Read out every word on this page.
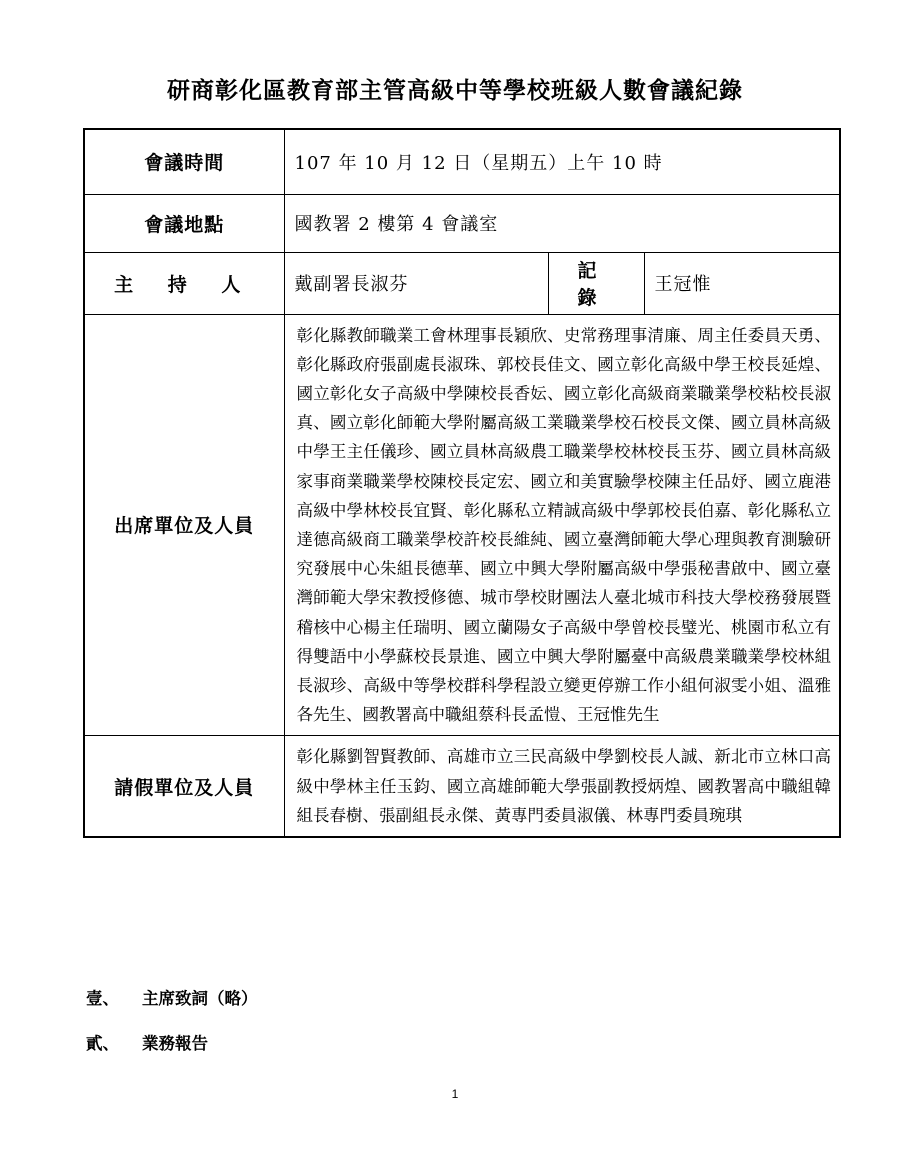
研商彰化區教育部主管高級中等學校班級人數會議紀錄
會議時間	107 年 10 月 12 日（星期五）上午 10 時		
會議地點	國教署 2 樓第 4 會議室		
主 持 人	戴副署長淑芬	記 錄	王冠惟
出席單位及人員	彰化縣教師職業工會林理事長穎欣、史常務理事清廉、周主任委員天勇、彰化縣政府張副處長淑珠、郭校長佳文、國立彰化高級中學王校長延煌、國立彰化女子高級中學陳校長香妘、國立彰化高級商業職業學校粘校長淑真、國立彰化師範大學附屬高級工業職業學校石校長文傑、國立員林高級中學王主任儀珍、國立員林高級農工職業學校林校長玉芬、國立員林高級家事商業職業學校陳校長定宏、國立和美實驗學校陳主任品妤、國立鹿港高級中學林校長宜賢、彰化縣私立精誠高級中學郭校長伯嘉、彰化縣私立達德高級商工職業學校許校長維純、國立臺灣師範大學心理與教育測驗研究發展中心朱組長德華、國立中興大學附屬高級中學張秘書啟中、國立臺灣師範大學宋教授修德、城市學校財團法人臺北城市科技大學校務發展暨稽核中心楊主任瑞明、國立蘭陽女子高級中學曾校長璧光、桃園市私立有得雙語中小學蘇校長景進、國立中興大學附屬臺中高級農業職業學校林組長淑珍、高級中等學校群科學程設立變更停辦工作小組何淑雯小姐、溫雅各先生、國教署高中職組蔡科長孟愷、王冠惟先生		
請假單位及人員	彰化縣劉智賢教師、高雄市立三民高級中學劉校長人誠、新北市立林口高級中學林主任玉鈞、國立高雄師範大學張副教授炳煌、國教署高中職組韓組長春樹、張副組長永傑、黃專門委員淑儀、林專門委員琬琪		
壹、 主席致詞（略）
貳、 業務報告
1
